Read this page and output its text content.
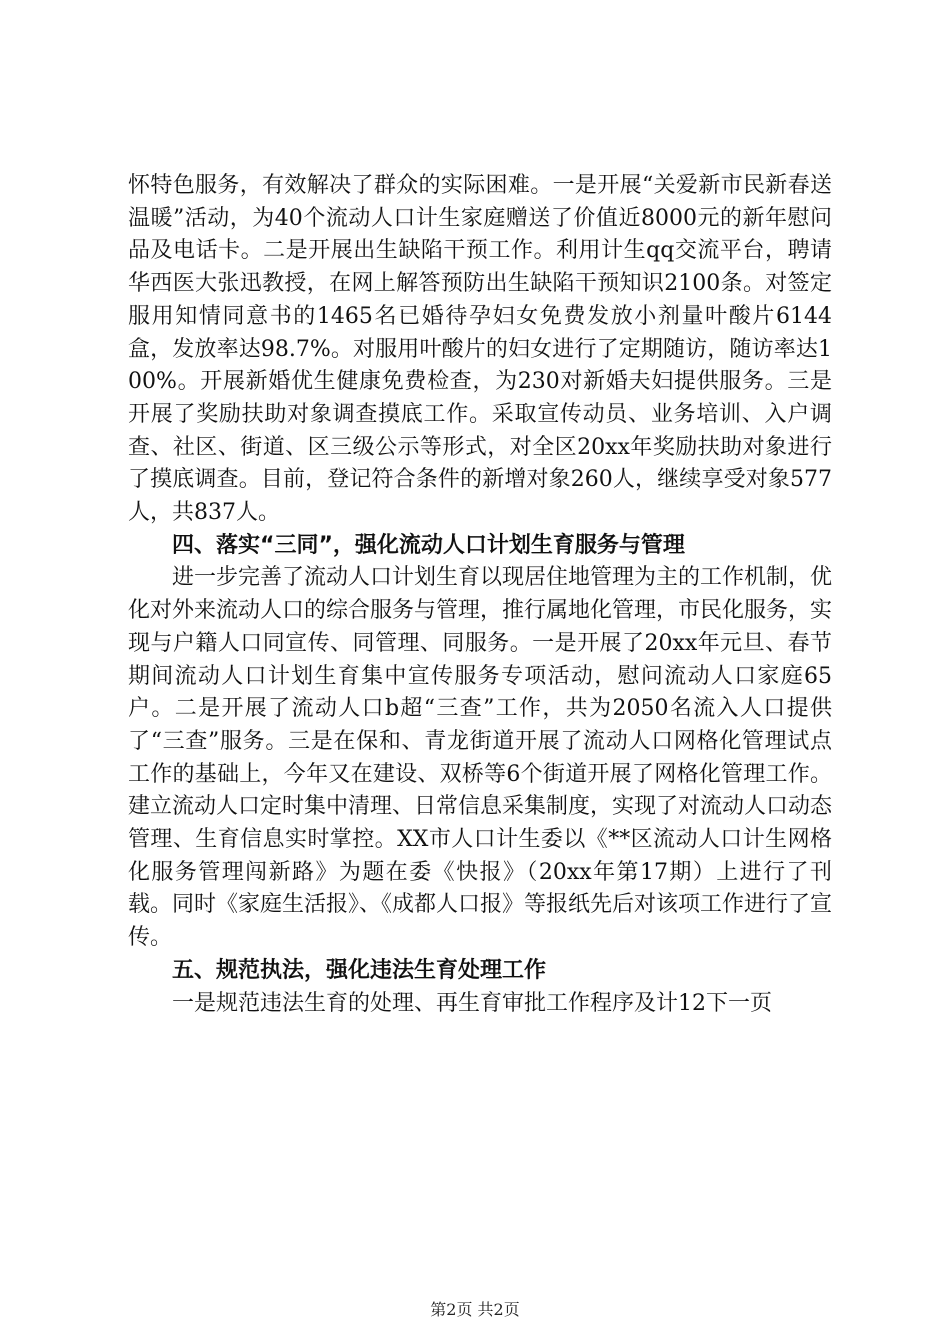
怀特色服务，有效解决了群众的实际困难。一是开展“关爱新市民新春送温暖”活动，为40个流动人口计生家庭赠送了价值近8000元的新年慰问品及电话卡。二是开展出生缺陷干预工作。利用计生qq交流平台，聘请华西医大张迅教授，在网上解答预防出生缺陷干预知识2100条。对签定服用知情同意书的1465名已婚待孕妇女免费发放小剂量叶酸片6144盒，发放率达98.7%。对服用叶酸片的妇女进行了定期随访，随访率达100%。开展新婚优生健康免费检查，为230对新婚夫妇提供服务。三是开展了奖励扶助对象调查摸底工作。采取宣传动员、业务培训、入户调查、社区、街道、区三级公示等形式，对全区20xx年奖励扶助对象进行了摸底调查。目前，登记符合条件的新增对象260人，继续享受对象577人，共837人。

四、落实“三同”，强化流动人口计划生育服务与管理

进一步完善了流动人口计划生育以现居住地管理为主的工作机制，优化对外来流动人口的综合服务与管理，推行属地化管理，市民化服务，实现与户籍人口同宣传、同管理、同服务。一是开展了20xx年元旦、春节期间流动人口计划生育集中宣传服务专项活动，慰问流动人口家庭65户。二是开展了流动人口b超“三查”工作，共为2050名流入人口提供了“三查”服务。三是在保和、青龙街道开展了流动人口网格化管理试点工作的基础上，今年又在建设、双桥等6个街道开展了网格化管理工作。建立流动人口定时集中清理、日常信息采集制度，实现了对流动人口动态管理、生育信息实时掌控。XX市人口计生委以《**区流动人口计生网格化服务管理闯新路》为题在委《快报》（20xx年第17期）上进行了刊载。同时《家庭生活报》、《成都人口报》等报纸先后对该项工作进行了宣传。

五、规范执法，强化违法生育处理工作

一是规范违法生育的处理、再生育审批工作程序及计12下一页

第2页 共2页
